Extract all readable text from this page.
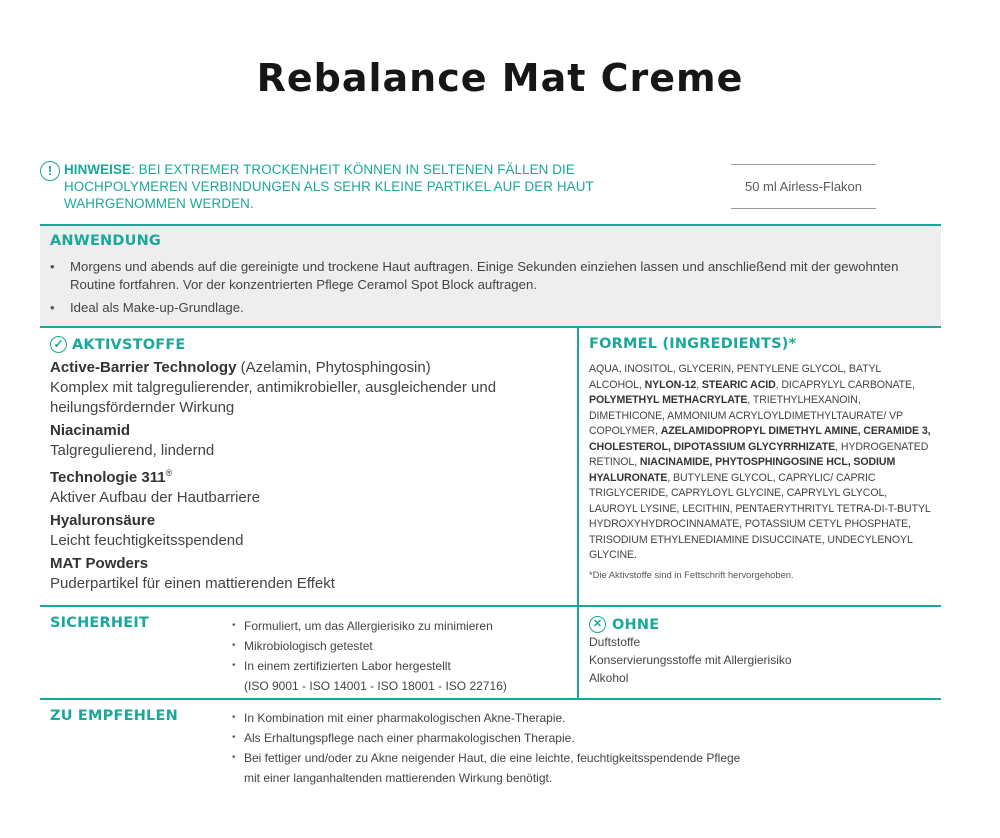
Rebalance Mat Creme
! HINWEISE: BEI EXTREMER TROCKENHEIT KÖNNEN IN SELTENEN FÄLLEN DIE HOCHPOLYMEREN VERBINDUNGEN ALS SEHR KLEINE PARTIKEL AUF DER HAUT WAHRGENOMMEN WERDEN.
50 ml Airless-Flakon
ANWENDUNG
• Morgens und abends auf die gereinigte und trockene Haut auftragen. Einige Sekunden einziehen lassen und anschließend mit der gewohnten Routine fortfahren. Vor der konzentrierten Pflege Ceramol Spot Block auftragen.
• Ideal als Make-up-Grundlage.
✓ AKTIVSTOFFE
Active-Barrier Technology (Azelamin, Phytosphingosin)
Komplex mit talgregulierender, antimikrobieller, ausgleichender und heilungsfördernder Wirkung
Niacinamid
Talgregulierend, lindernd
Technologie 311®
Aktiver Aufbau der Hautbarriere
Hyaluronsäure
Leicht feuchtigkeitsspendend
MAT Powders
Puderpartikel für einen mattierenden Effekt
FORMEL (INGREDIENTS)*
AQUA, INOSITOL, GLYCERIN, PENTYLENE GLYCOL, BATYL ALCOHOL, NYLON-12, STEARIC ACID, DICAPRYLYL CARBONATE, POLYMETHYL METHACRYLATE, TRIETHYLHEXANOIN, DIMETHICONE, AMMONIUM ACRYLOYLDIMETHYLTAURATE/ VP COPOLYMER, AZELAMIDOPROPYL DIMETHYL AMINE, CERAMIDE 3, CHOLESTEROL, DIPOTASSIUM GLYCYRRHIZATE, HYDROGENATED RETINOL, NIACINAMIDE, PHYTOSPHINGOSINE HCL, SODIUM HYALURONATE, BUTYLENE GLYCOL, CAPRYLIC/ CAPRIC TRIGLYCERIDE, CAPRYLOYL GLYCINE, CAPRYLYL GLYCOL, LAUROYL LYSINE, LECITHIN, PENTAERYTHRITYL TETRA-DI-T-BUTYL HYDROXYHYDROCINNAMATE, POTASSIUM CETYL PHOSPHATE, TRISODIUM ETHYLENEDIAMINE DISUCCINATE, UNDECYLENOYL GLYCINE.
*Die Aktivstoffe sind in Fettschrift hervorgehoben.
SICHERHEIT	• Formuliert, um das Allergierisiko zu minimieren
• Mikrobiologisch getestet
• In einem zertifizierten Labor hergestellt
(ISO 9001 - ISO 14001 - ISO 18001 - ISO 22716)
✕ OHNE
Duftstoffe
Konservierungsstoffe mit Allergierisiko
Alkohol
ZU EMPFEHLEN	• In Kombination mit einer pharmakologischen Akne-Therapie.
• Als Erhaltungspflege nach einer pharmakologischen Therapie.
• Bei fettiger und/oder zu Akne neigender Haut, die eine leichte, feuchtigkeitsspendende Pflege
mit einer langanhaltenden mattierenden Wirkung benötigt.
